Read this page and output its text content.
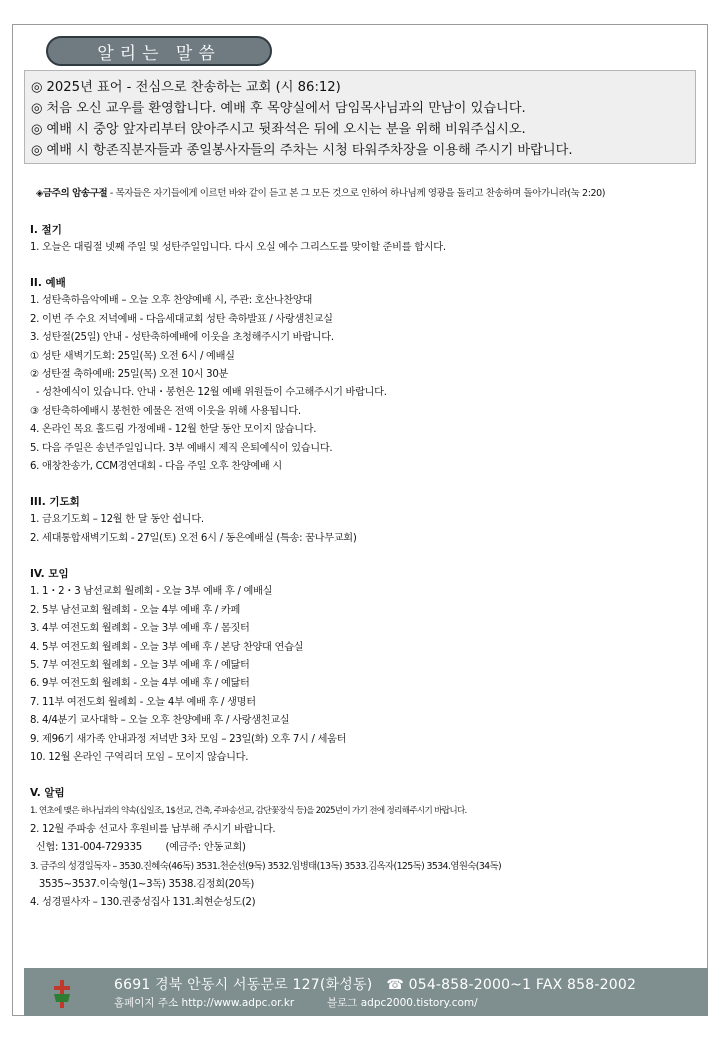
알리는 말씀
◎ 2025년 표어 - 전심으로 찬송하는 교회 (시 86:12)
◎ 처음 오신 교우를 환영합니다. 예배 후 목양실에서 담임목사님과의 만남이 있습니다.
◎ 예배 시 중앙 앞자리부터 앉아주시고 뒷좌석은 뒤에 오시는 분을 위해 비워주십시오.
◎ 예배 시 항존직분자들과 종일봉사자들의 주차는 시청 타워주차장을 이용해 주시기 바랍니다.
◈금주의 암송구절 - 목자들은 자기들에게 이르던 바와 같이 듣고 본 그 모든 것으로 인하여 하나님께 영광을 돌리고 찬송하며 돌아가니라(눅 2:20)
I. 절기
1. 오늘은 대림절 넷째 주일 및 성탄주일입니다. 다시 오실 예수 그리스도를 맞이할 준비를 합시다.
II. 예배
1. 성탄축하음악예배 – 오늘 오후 찬양예배 시, 주관: 호산나찬양대
2. 이번 주 수요 저녁예배 - 다음세대교회 성탄 축하발표 / 사랑샘친교실
3. 성탄절(25일) 안내 - 성탄축하예배에 이웃을 초청해주시기 바랍니다.
① 성탄 새벽기도회: 25일(목) 오전 6시 / 예배실
② 성탄절 축하예배: 25일(목) 오전 10시 30분
- 성찬예식이 있습니다. 안내・봉헌은 12월 예배 위원들이 수고해주시기 바랍니다.
③ 성탄축하예배시 봉헌한 예물은 전액 이웃을 위해 사용됩니다.
4. 온라인 목요 홀드림 가정예배 - 12월 한달 동안 모이지 않습니다.
5. 다음 주일은 송년주일입니다. 3부 예배시 제직 은퇴예식이 있습니다.
6. 애창찬송가, CCM경연대회 - 다음 주일 오후 찬양예배 시
III. 기도회
1. 금요기도회 – 12월 한 달 동안 쉽니다.
2. 세대통합새벽기도회 - 27일(토) 오전 6시 / 동은예배실 (특송: 꿈나무교회)
IV. 모임
1. 1・2・3 남선교회 월례회 - 오늘 3부 예배 후 / 예배실
2. 5부 남선교회 월례회 - 오늘 4부 예배 후 / 카페
3. 4부 여전도회 월례회 - 오늘 3부 예배 후 / 몸짓터
4. 5부 여전도회 월례회 - 오늘 3부 예배 후 / 본당 찬양대 연습실
5. 7부 여전도회 월례회 - 오늘 3부 예배 후 / 예닮터
6. 9부 여전도회 월례회 - 오늘 4부 예배 후 / 예닮터
7. 11부 여전도회 월례회 - 오늘 4부 예배 후 / 생명터
8. 4/4분기 교사대학 – 오늘 오후 찬양예배 후 / 사랑샘친교실
9. 제96기 새가족 안내과정 저녁반 3차 모임 – 23일(화) 오후 7시 / 세움터
10. 12월 온라인 구역리더 모임 – 모이지 않습니다.
V. 알림
1. 연초에 맺은 하나님과의 약속(십일조, 1$선교, 건축, 주파송선교, 감단꽃장식 등)을 2025년이 가기 전에 정리해주시기 바랍니다.
2. 12월 주파송 선교사 후원비를 납부해 주시기 바랍니다.
신협: 131-004-729335        (예금주: 안동교회)
3. 금주의 성경일독자 – 3530.진혜숙(46독) 3531.천순선(9독) 3532.임병태(13독) 3533.김옥자(125독) 3534.염원숙(34독)
3535~3537.이숙형(1~3독) 3538.김정희(20독)
4. 성경필사자 – 130.권중성집사 131.최현순성도(2)
6691 경북 안동시 서동문로 127(화성동)   ☎ 054-858-2000~1 FAX 858-2002
홈페이지 주소 http://www.adpc.or.kr	블로그 adpc2000.tistory.com/
